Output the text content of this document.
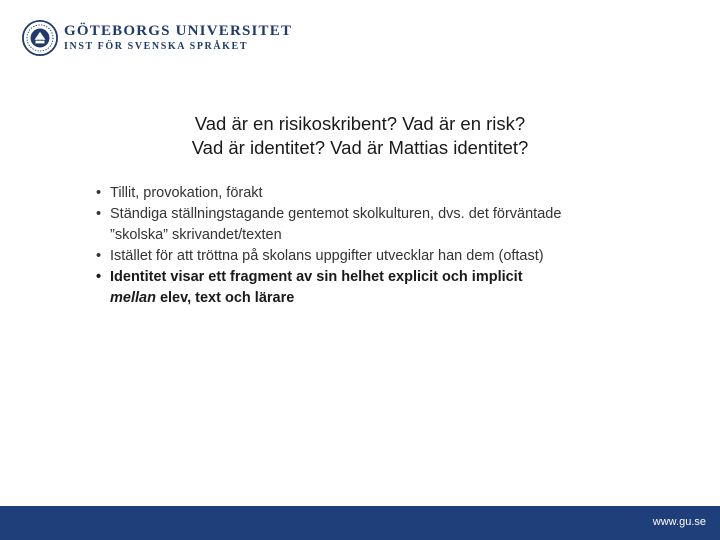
GÖTEBORGS UNIVERSITET
INST FÖR SVENSKA SPRÅKET
Vad är en risikoskribent? Vad är en risk?
Vad är identitet? Vad är Mattias identitet?
• Tillit, provokation, förakt
• Ständiga ställningstagande gentemot skolkulturen, dvs. det förväntade
”skolska” skrivandet/texten
• Istället för att tröttna på skolans uppgifter utvecklar han dem (oftast)
• Identitet visar ett fragment av sin helhet explicit och implicit
mellan elev, text och lärare
www.gu.se
